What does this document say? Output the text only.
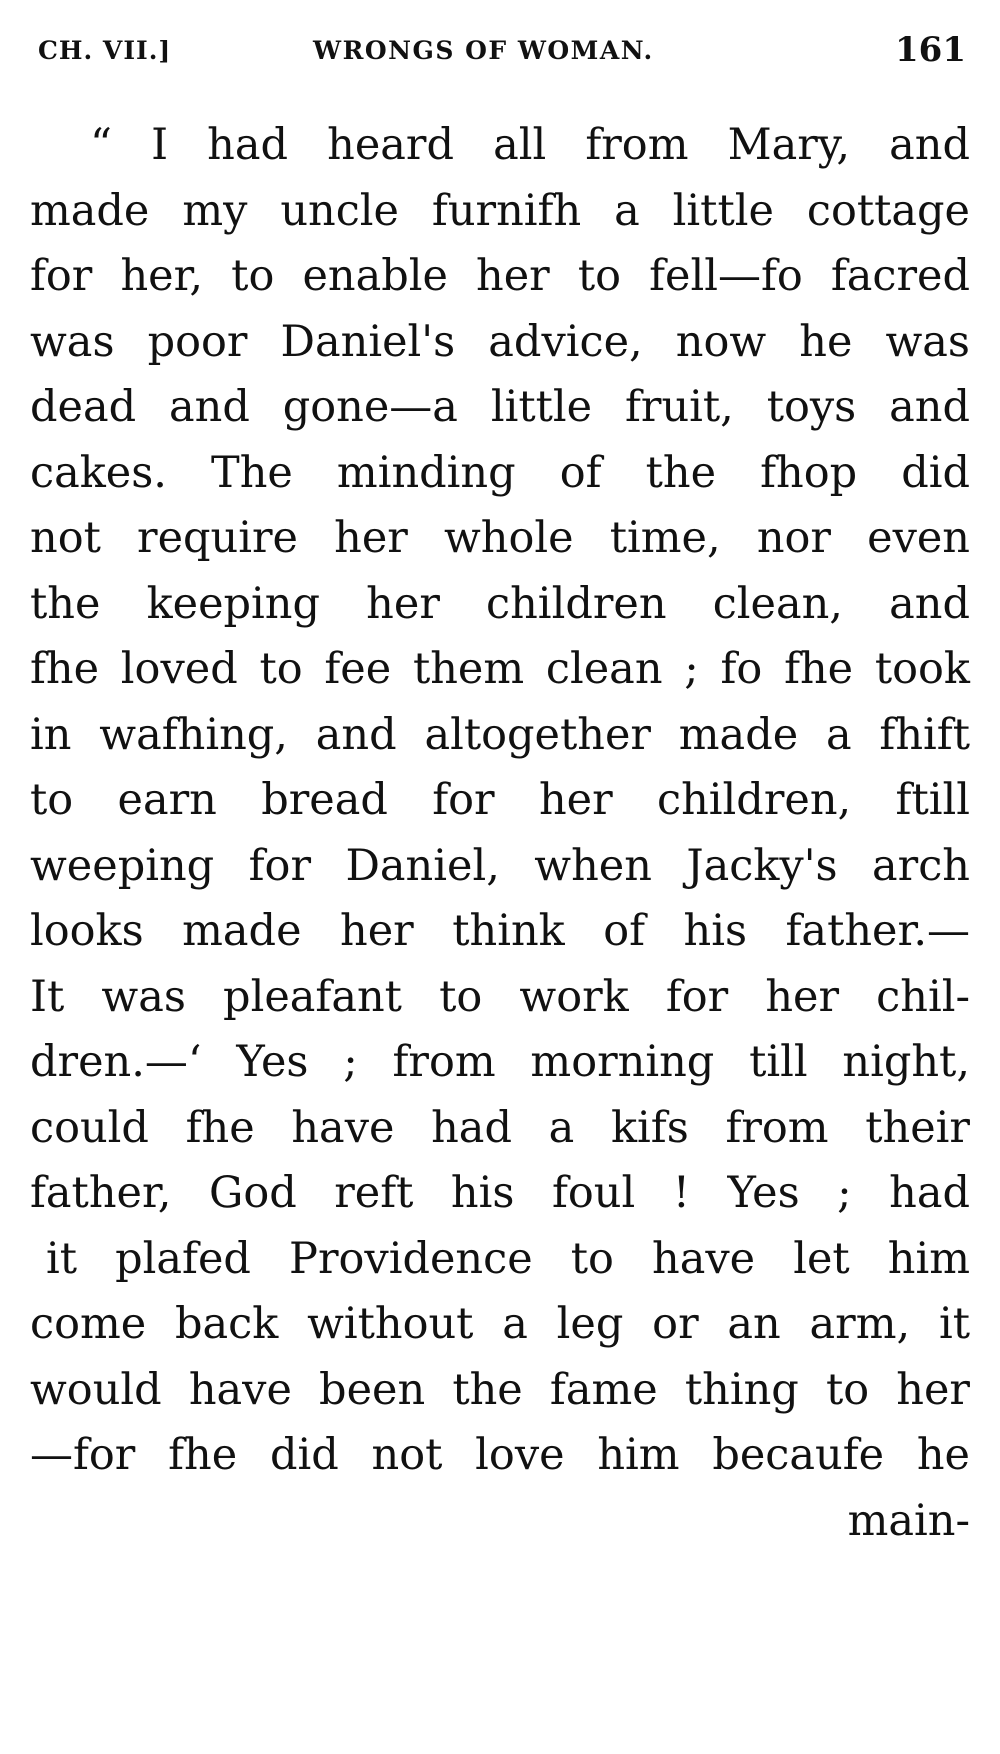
CH. VII.]	WRONGS OF WOMAN.	161
“ I had heard all from Mary, and
made my uncle furnifh a little cottage
for her, to enable her to fell—fo facred
was poor Daniel's advice, now he was
dead and gone—a little fruit, toys and
cakes. The minding of the fhop did
not require her whole time, nor even
the keeping her children clean, and
fhe loved to fee them clean ; fo fhe took
in wafhing, and altogether made a fhift
to earn bread for her children, ftill
weeping for Daniel, when Jacky's arch
looks made her think of his father.—
It was pleafant to work for her chil-
dren.—‘ Yes ; from morning till night,
could fhe have had a kifs from their
father, God reft his foul ! Yes ; had
it plafed Providence to have let him
come back without a leg or an arm, it
would have been the fame thing to her
—for fhe did not love him becaufe he
main-
